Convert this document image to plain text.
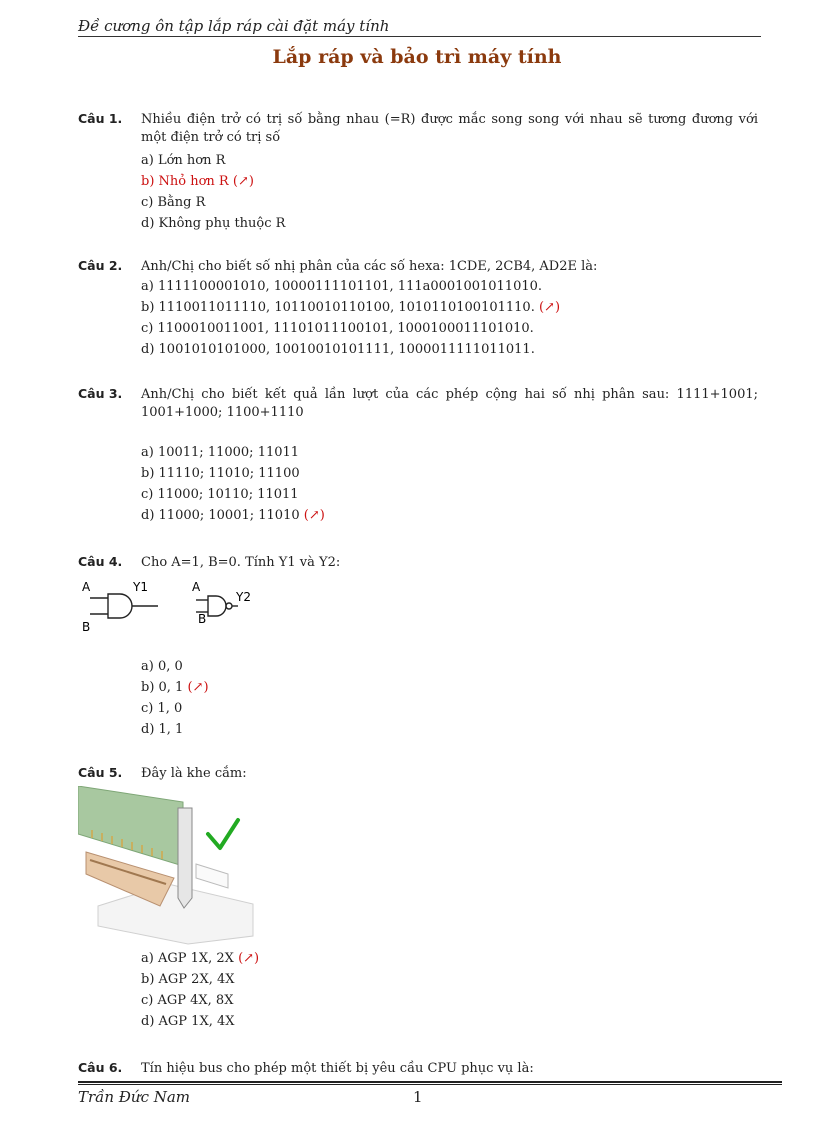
Đề cương ôn tập lắp ráp cài đặt máy tính
Lắp ráp và bảo trì máy tính
Câu 1. Nhiều điện trở có trị số bằng nhau (=R) được mắc song song với nhau sẽ tương đương với một điện trở có trị số
a) Lớn hơn R
b) Nhỏ hơn R (↗)
c) Bằng R
d) Không phụ thuộc R
Câu 2. Anh/Chị cho biết số nhị phân của các số hexa: 1CDE, 2CB4, AD2E là:
a) 1111100001010, 10000111101101, 111a0001001011010.
b) 1110011011110, 10110010110100, 1010110100101110. (↗)
c) 1100010011001, 11101011100101, 1000100011101010.
d) 1001010101000, 10010010101111, 1000011111011011.
Câu 3. Anh/Chị cho biết kết quả lần lượt của các phép cộng hai số nhị phân sau: 1111+1001; 1001+1000; 1100+1110
a) 10011; 11000; 11011
b) 11110; 11010; 11100
c) 11000; 10110; 11011
d) 11000; 10001; 11010 (↗)
Câu 4. Cho A=1, B=0. Tính Y1 và Y2:
A
B
Y1	A
B
Y2
a) 0, 0
b) 0, 1 (↗)
c) 1, 0
d) 1, 1
Câu 5. Đây là khe cắm:
a) AGP 1X, 2X (↗)
b) AGP 2X, 4X
c) AGP 4X, 8X
d) AGP 1X, 4X
Câu 6. Tín hiệu bus cho phép một thiết bị yêu cầu CPU phục vụ là:
Trần Đức Nam	1
